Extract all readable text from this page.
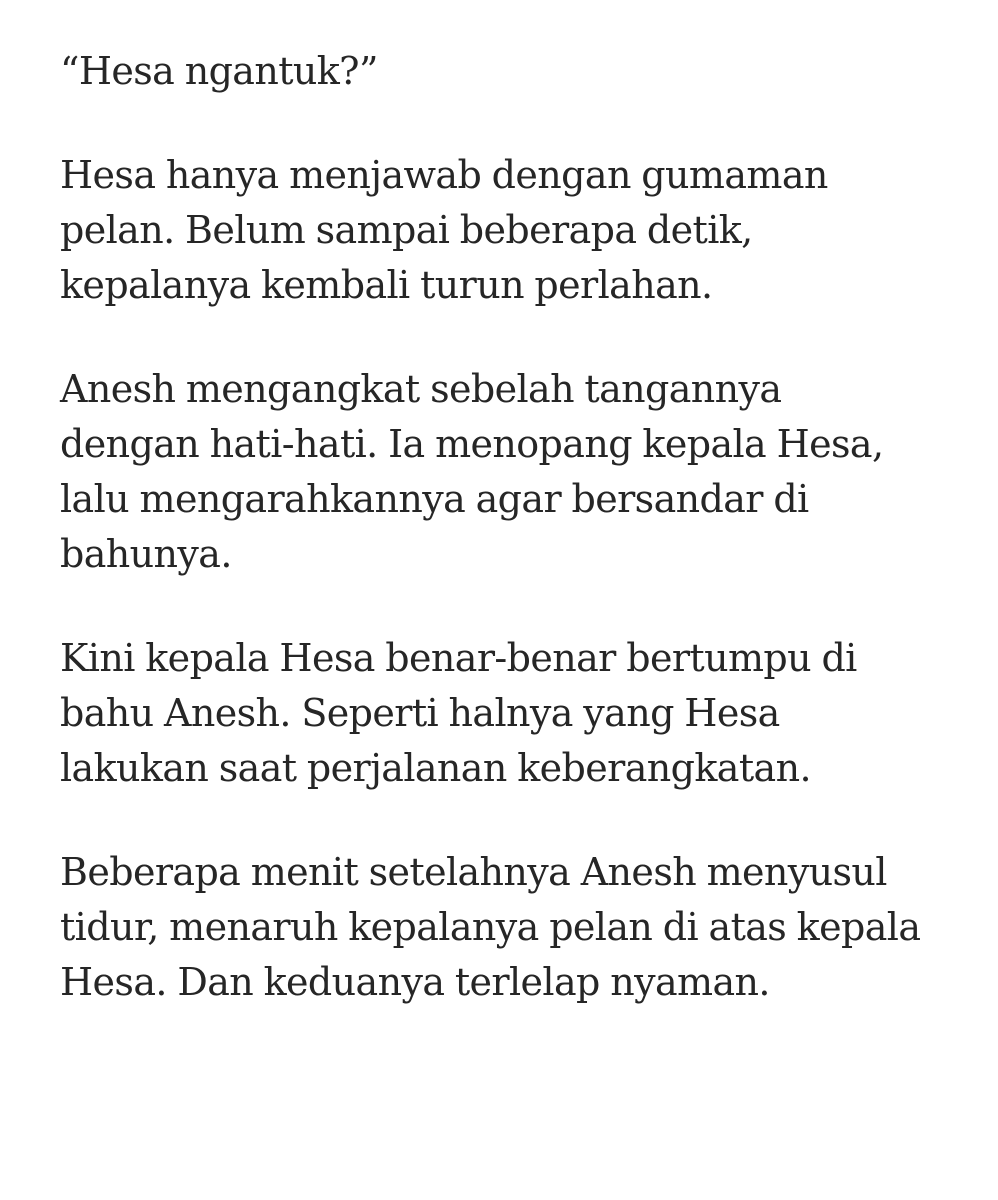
“Hesa ngantuk?”

Hesa hanya menjawab dengan gumaman
pelan. Belum sampai beberapa detik,
kepalanya kembali turun perlahan.

Anesh mengangkat sebelah tangannya
dengan hati-hati. Ia menopang kepala Hesa,
lalu mengarahkannya agar bersandar di
bahunya.

Kini kepala Hesa benar-benar bertumpu di
bahu Anesh. Seperti halnya yang Hesa
lakukan saat perjalanan keberangkatan.

Beberapa menit setelahnya Anesh menyusul
tidur, menaruh kepalanya pelan di atas kepala
Hesa. Dan keduanya terlelap nyaman.
